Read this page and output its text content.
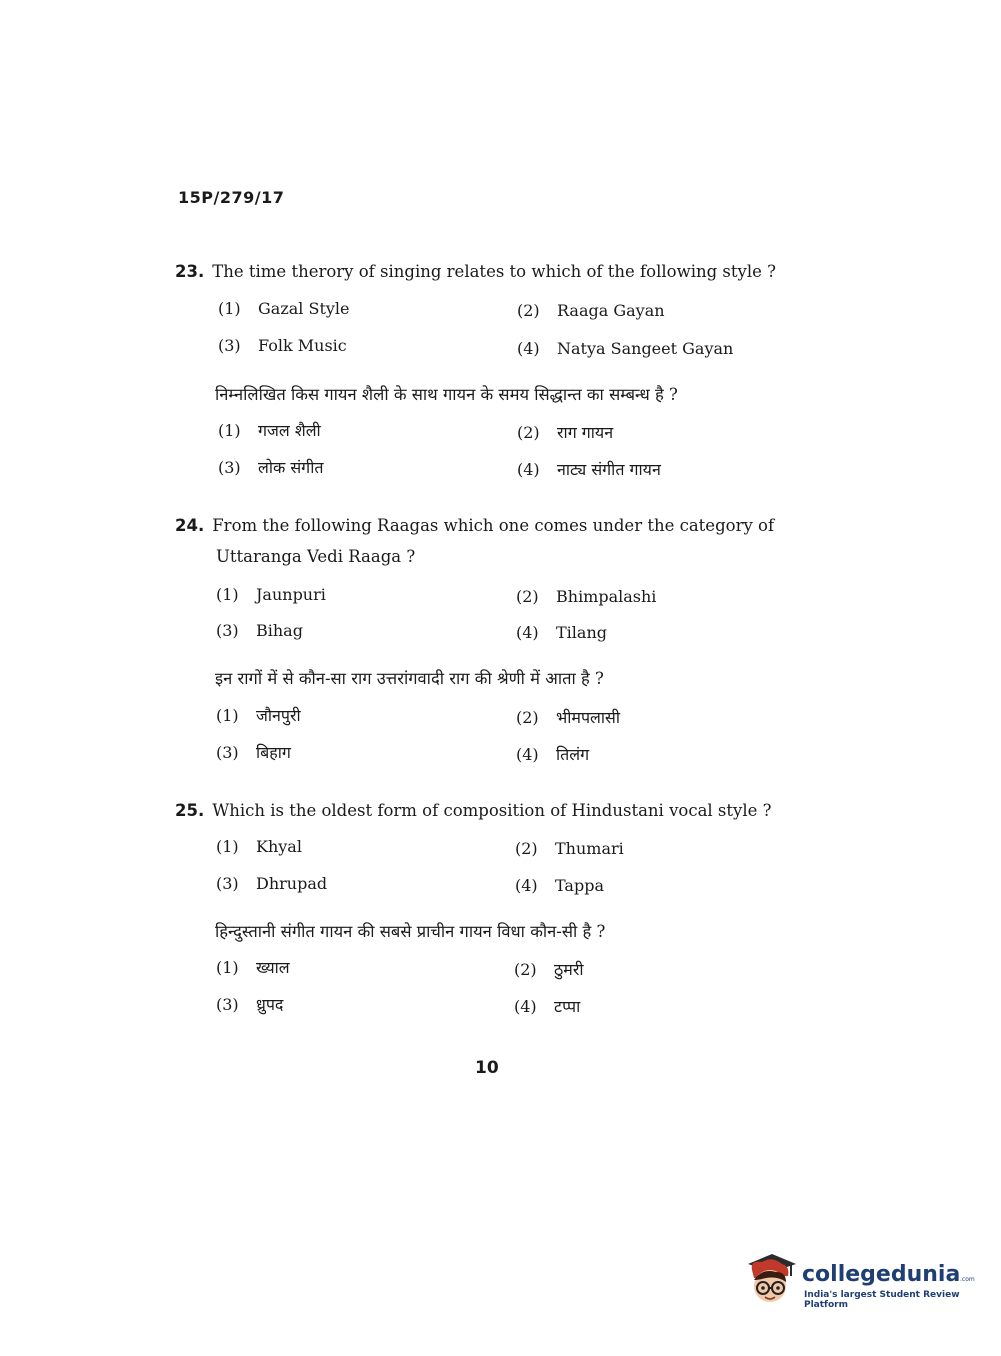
15P/279/17
23. The time therory of singing relates to which of the following style ?
(1) Gazal Style	(2) Raaga Gayan
(3) Folk Music	(4) Natya Sangeet Gayan
निम्नलिखित किस गायन शैली के साथ गायन के समय सिद्धान्त का सम्बन्ध है ?
(1) गजल शैली	(2) राग गायन
(3) लोक संगीत	(4) नाट्य संगीत गायन
24. From the following Raagas which one comes under the category of
Uttaranga Vedi Raaga ?
(1) Jaunpuri	(2) Bhimpalashi
(3) Bihag	(4) Tilang
इन रागों में से कौन-सा राग उत्तरांगवादी राग की श्रेणी में आता है ?
(1) जौनपुरी	(2) भीमपलासी
(3) बिहाग	(4) तिलंग
25. Which is the oldest form of composition of Hindustani vocal style ?
(1) Khyal	(2) Thumari
(3) Dhrupad	(4) Tappa
हिन्दुस्तानी संगीत गायन की सबसे प्राचीन गायन विधा कौन-सी है ?
(1) ख्याल	(2) ठुमरी
(3) ध्रुपद	(4) टप्पा
10
collegedunia .com
India's largest Student Review Platform
